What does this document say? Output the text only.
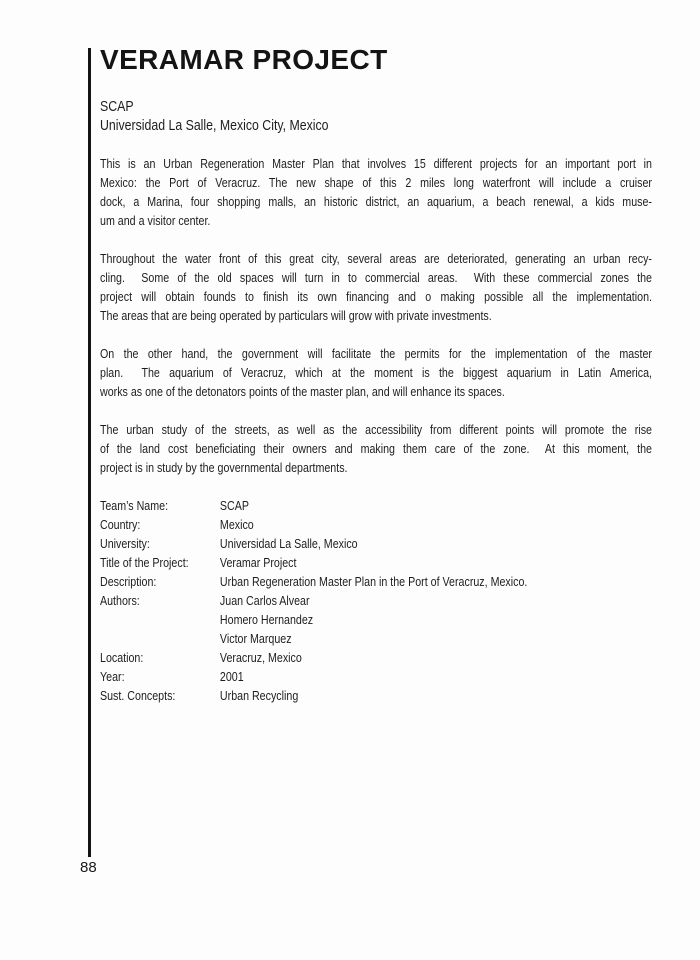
VERAMAR PROJECT
SCAP
Universidad La Salle, Mexico City, Mexico
This is an Urban Regeneration Master Plan that involves 15 different projects for an important port in
Mexico: the Port of Veracruz. The new shape of this 2 miles long waterfront will include a cruiser
dock, a Marina, four shopping malls, an historic district, an aquarium, a beach renewal, a kids muse-
um and a visitor center.
Throughout the water front of this great city, several areas are deteriorated, generating an urban recy-
cling.  Some of the old spaces will turn in to commercial areas.  With these commercial zones the
project will obtain founds to finish its own financing and o making possible all the implementation.
The areas that are being operated by particulars will grow with private investments.
On the other hand, the government will facilitate the permits for the implementation of the master
plan.  The aquarium of Veracruz, which at the moment is the biggest aquarium in Latin America,
works as one of the detonators points of the master plan, and will enhance its spaces.
The urban study of the streets, as well as the accessibility from different points will promote the rise
of the land cost beneficiating their owners and making them care of the zone.  At this moment, the
project is in study by the governmental departments.
Team’s Name:	SCAP
Country:	Mexico
University:	Universidad La Salle, Mexico
Title of the Project:	Veramar Project
Description:	Urban Regeneration Master Plan in the Port of Veracruz, Mexico.
Authors:	Juan Carlos Alvear
Homero Hernandez
Victor Marquez
Location:	Veracruz, Mexico
Year:	2001
Sust. Concepts:	Urban Recycling
88
